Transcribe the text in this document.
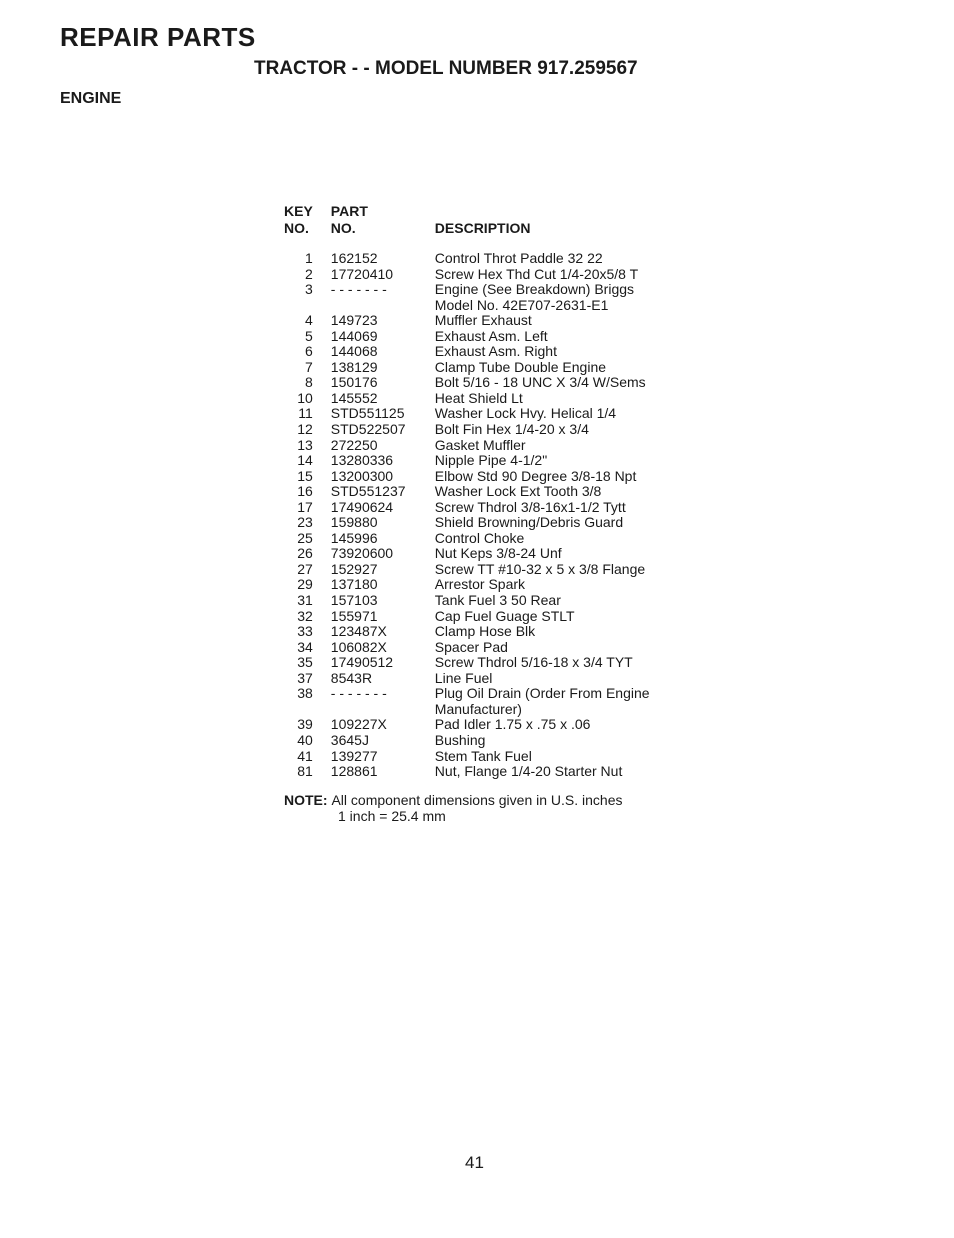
REPAIR PARTS
TRACTOR - - MODEL NUMBER 917.259567
ENGINE
KEY	PART	
NO.	NO.	DESCRIPTION
1	162152	Control Throt Paddle 32 22
2	17720410	Screw Hex Thd Cut 1/4-20x5/8 T
3	- - - - - - -	Engine (See Breakdown) Briggs
		Model No. 42E707-2631-E1
4	149723	Muffler Exhaust
5	144069	Exhaust Asm. Left
6	144068	Exhaust Asm. Right
7	138129	Clamp Tube Double Engine
8	150176	Bolt 5/16 - 18 UNC X 3/4 W/Sems
10	145552	Heat Shield Lt
11	STD551125	Washer Lock Hvy. Helical 1/4
12	STD522507	Bolt Fin Hex 1/4-20 x 3/4
13	272250	Gasket Muffler
14	13280336	Nipple Pipe 4-1/2"
15	13200300	Elbow Std 90 Degree 3/8-18 Npt
16	STD551237	Washer Lock Ext Tooth 3/8
17	17490624	Screw Thdrol 3/8-16x1-1/2 Tytt
23	159880	Shield Browning/Debris Guard
25	145996	Control Choke
26	73920600	Nut Keps 3/8-24 Unf
27	152927	Screw TT #10-32 x 5 x 3/8 Flange
29	137180	Arrestor Spark
31	157103	Tank Fuel 3 50 Rear
32	155971	Cap Fuel Guage STLT
33	123487X	Clamp Hose Blk
34	106082X	Spacer Pad
35	17490512	Screw Thdrol 5/16-18 x 3/4 TYT
37	8543R	Line Fuel
38	- - - - - - -	Plug Oil Drain (Order From Engine
		Manufacturer)
39	109227X	Pad Idler 1.75 x .75 x .06
40	3645J	Bushing
41	139277	Stem Tank Fuel
81	128861	Nut, Flange 1/4-20 Starter Nut
NOTE: All component dimensions given in U.S. inches
1 inch = 25.4 mm
41
